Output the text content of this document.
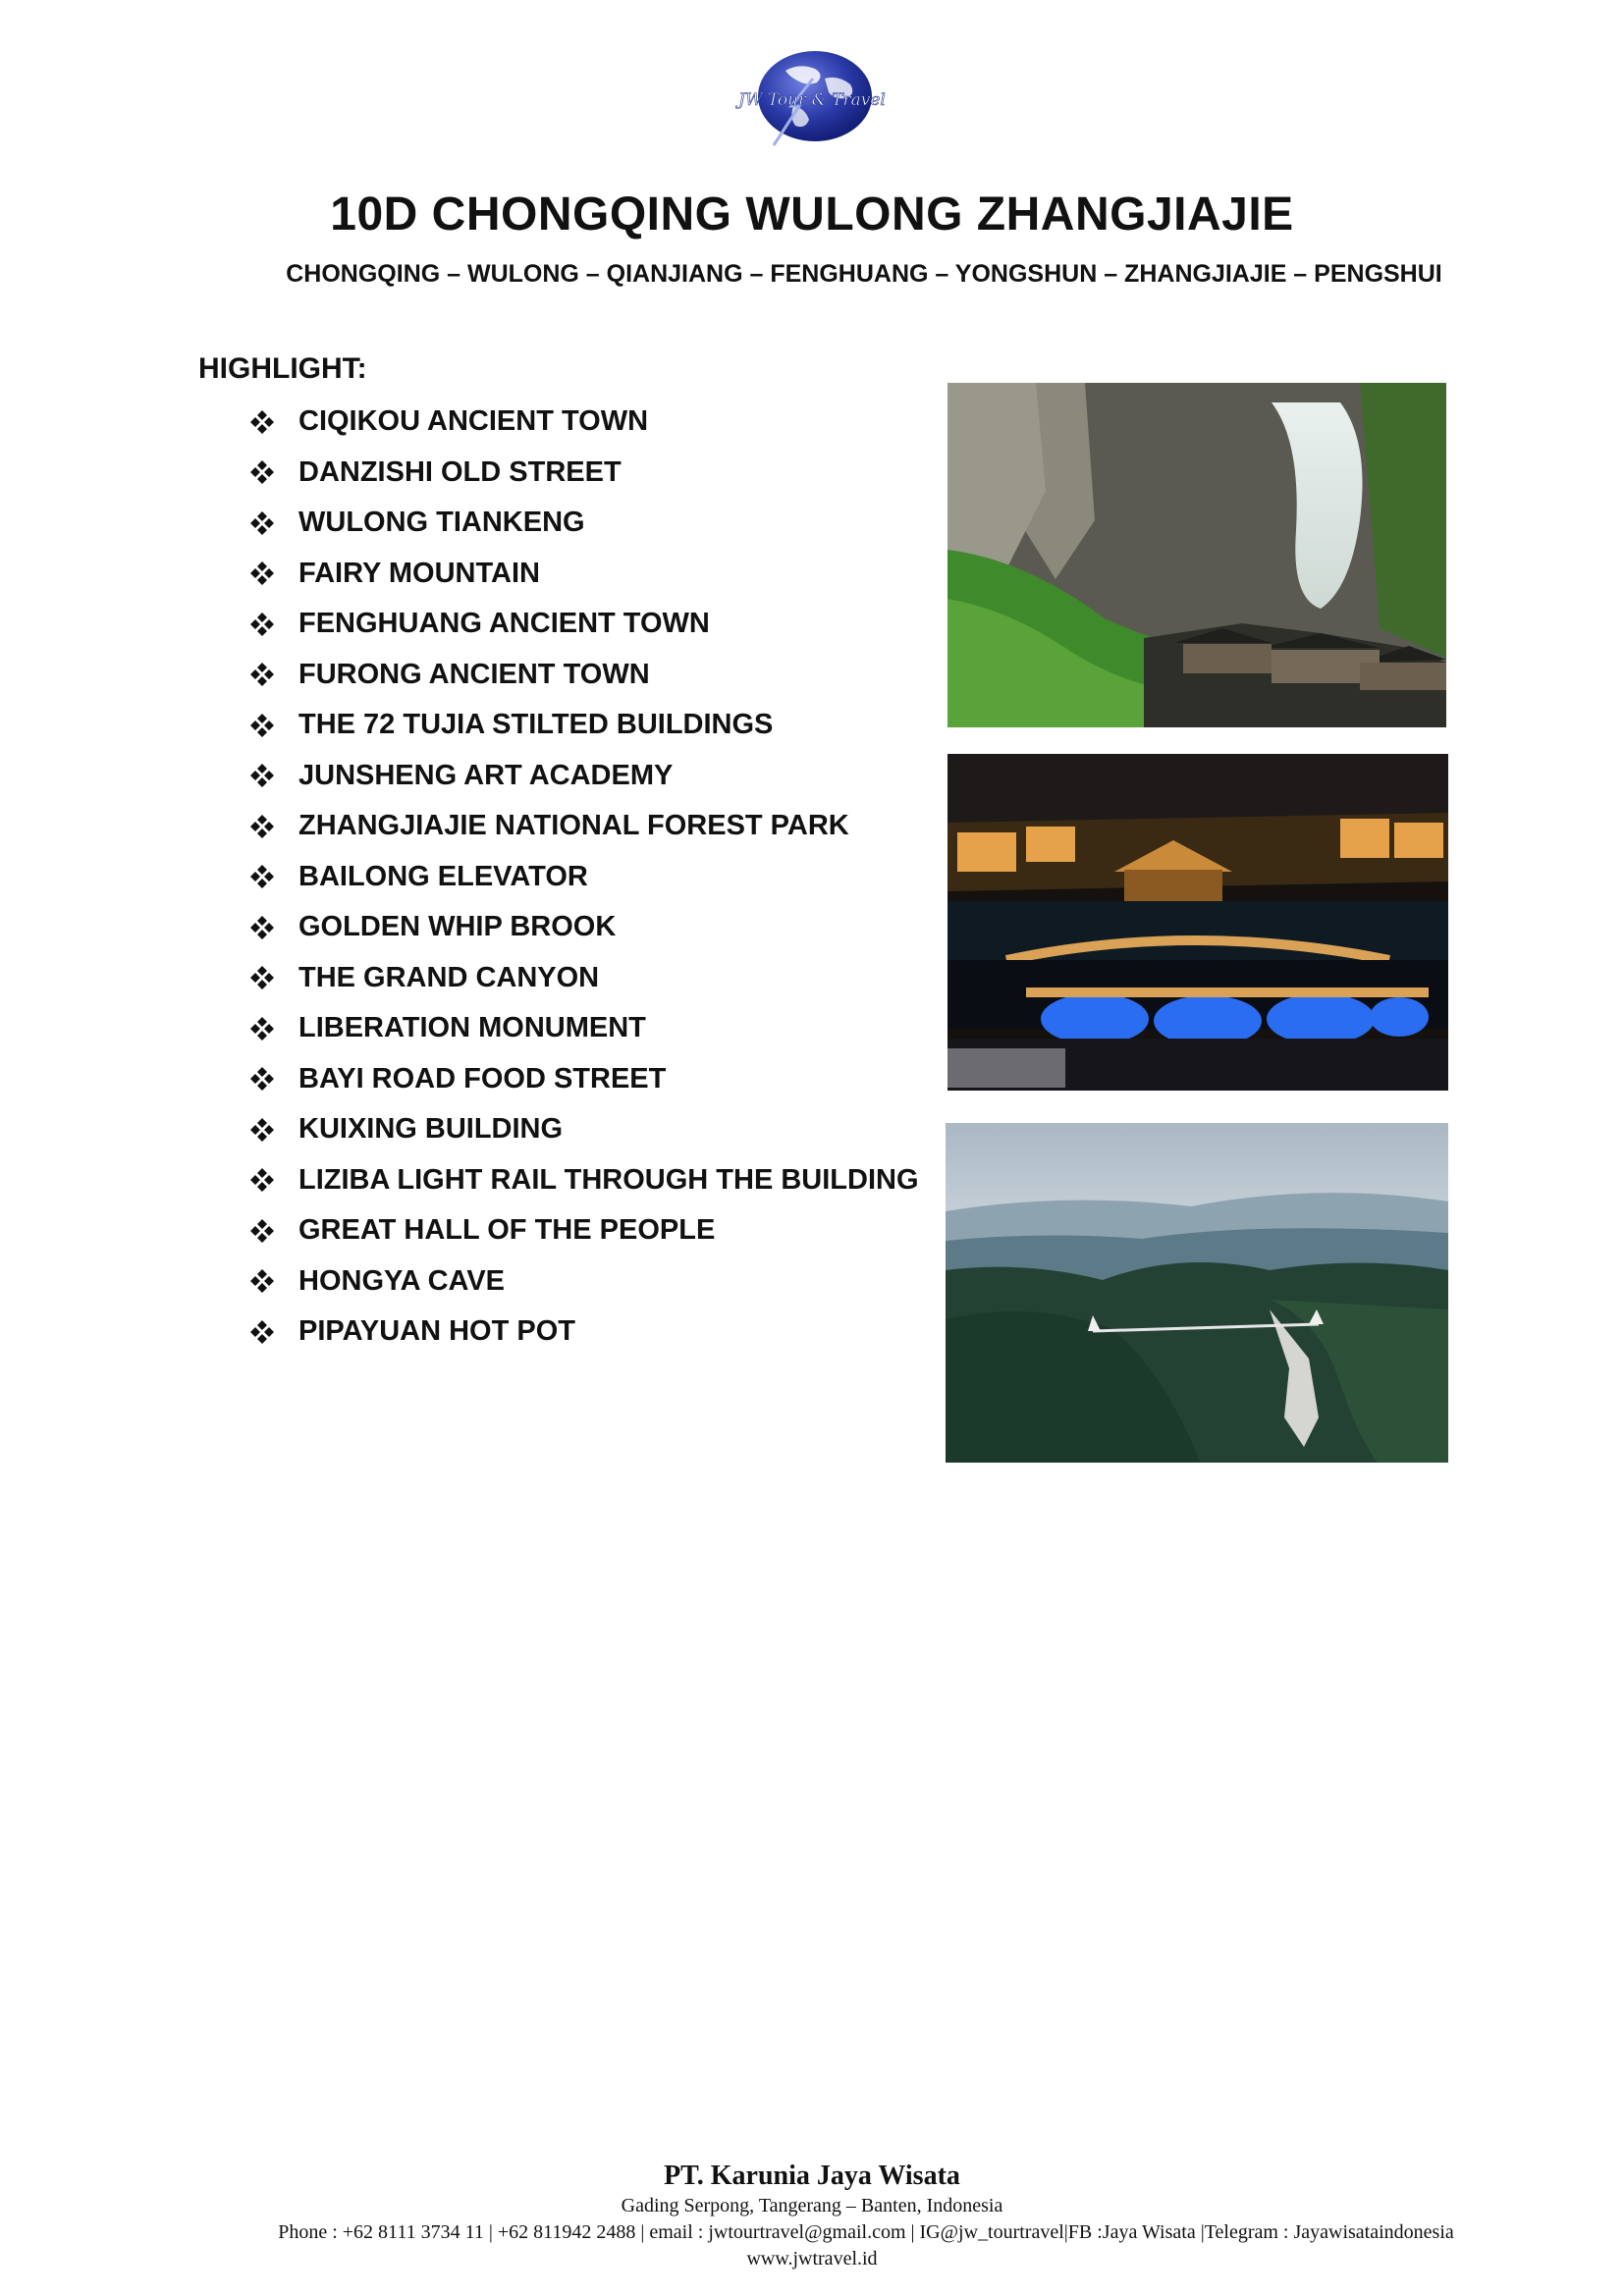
JW Tour & Travel
10D CHONGQING WULONG ZHANGJIAJIE
CHONGQING – WULONG – QIANJIANG – FENGHUANG – YONGSHUN – ZHANGJIAJIE – PENGSHUI
HIGHLIGHT:
CIQIKOU ANCIENT TOWN
DANZISHI OLD STREET
WULONG TIANKENG
FAIRY MOUNTAIN
FENGHUANG ANCIENT TOWN
FURONG ANCIENT TOWN
THE 72 TUJIA STILTED BUILDINGS
JUNSHENG ART ACADEMY
ZHANGJIAJIE NATIONAL FOREST PARK
BAILONG ELEVATOR
GOLDEN WHIP BROOK
THE GRAND CANYON
LIBERATION MONUMENT
BAYI ROAD FOOD STREET
KUIXING BUILDING
LIZIBA LIGHT RAIL THROUGH THE BUILDING
GREAT HALL OF THE PEOPLE
HONGYA CAVE
PIPAYUAN HOT POT
PT. Karunia Jaya Wisata
Gading Serpong, Tangerang – Banten, Indonesia
Phone : +62 8111 3734 11 | +62 811942 2488 | email : jwtourtravel@gmail.com | IG@jw_tourtravel|FB :Jaya Wisata |Telegram : Jayawisataindonesia
www.jwtravel.id
